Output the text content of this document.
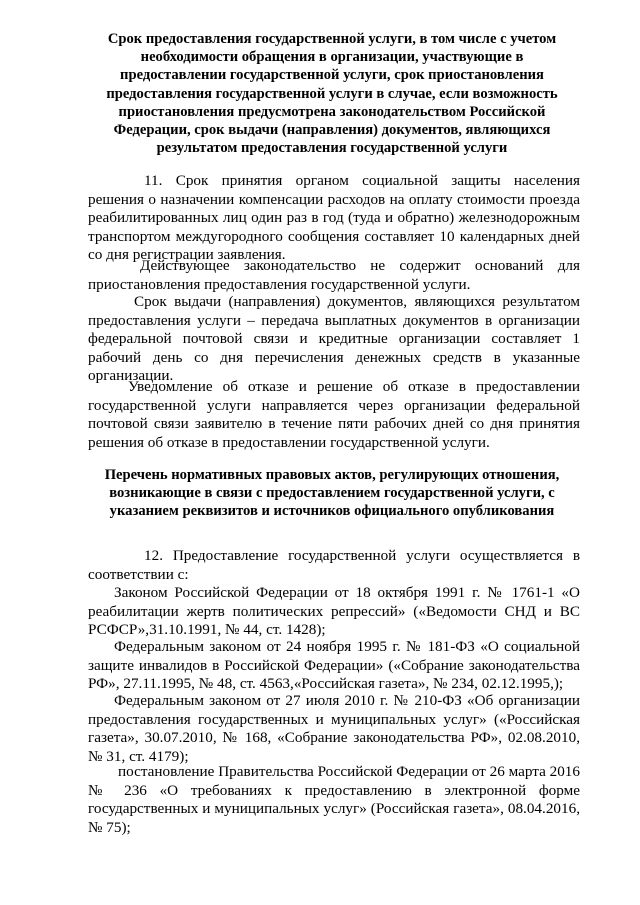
Срок предоставления государственной услуги, в том числе с учетом необходимости обращения в организации, участвующие в предоставлении государственной услуги, срок приостановления предоставления государственной услуги в случае, если возможность приостановления предусмотрена законодательством Российской Федерации, срок выдачи (направления) документов, являющихся результатом предоставления государственной услуги
11. Срок принятия органом социальной защиты населения решения о назначении компенсации расходов на оплату стоимости проезда реабилитированных лиц один раз в год (туда и обратно) железнодорожным транспортом междугородного сообщения составляет 10 календарных дней со дня регистрации заявления.
Действующее законодательство не содержит оснований для приостановления предоставления государственной услуги.
Срок выдачи (направления) документов, являющихся результатом предоставления услуги – передача выплатных документов в организации федеральной почтовой связи и кредитные организации составляет 1 рабочий день со дня перечисления денежных средств в указанные организации.
Уведомление об отказе и решение об отказе в предоставлении государственной услуги направляется через организации федеральной почтовой связи заявителю в течение пяти рабочих дней со дня принятия решения об отказе в предоставлении государственной услуги.
Перечень нормативных правовых актов, регулирующих отношения, возникающие в связи с предоставлением государственной услуги, с указанием реквизитов и источников официального опубликования
12. Предоставление государственной услуги осуществляется в соответствии с:
Законом Российской Федерации от 18 октября 1991 г. № 1761-1 «О реабилитации жертв политических репрессий» («Ведомости СНД и ВС РСФСР»,31.10.1991, № 44, ст. 1428);
Федеральным законом от 24 ноября 1995 г. № 181-ФЗ «О социальной защите инвалидов в Российской Федерации» («Собрание законодательства РФ», 27.11.1995, № 48, ст. 4563,«Российская газета», № 234, 02.12.1995,);
Федеральным законом от 27 июля 2010 г. № 210-ФЗ «Об организации предоставления государственных и муниципальных услуг» («Российская газета», 30.07.2010, № 168, «Собрание законодательства РФ», 02.08.2010, № 31, ст. 4179);
постановление Правительства Российской Федерации от 26 марта 2016 № 236 «О требованиях к предоставлению в электронной форме государственных и муниципальных услуг» (Российская газета», 08.04.2016, № 75);
